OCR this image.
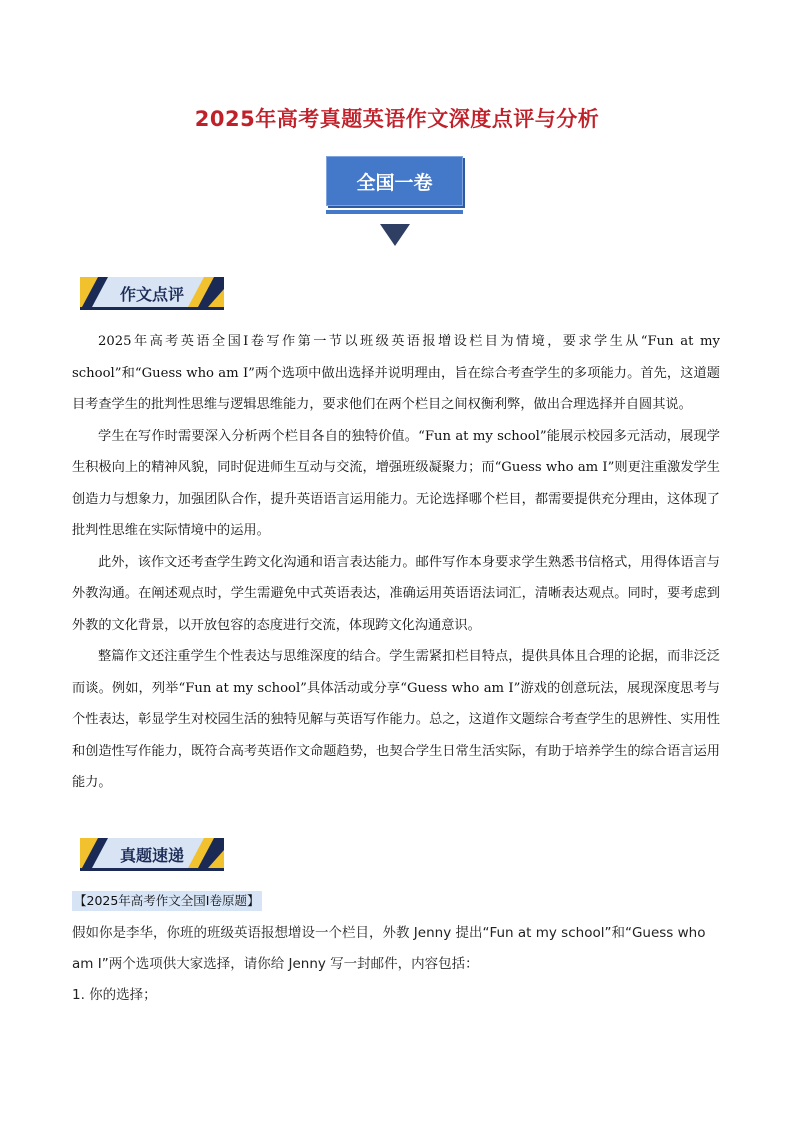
2025年高考真题英语作文深度点评与分析
全国一卷
作文点评

2025年高考英语全国Ⅰ卷写作第一节以班级英语报增设栏目为情境，要求学生从“Fun at my school”和“Guess who am I”两个选项中做出选择并说明理由，旨在综合考查学生的多项能力。首先，这道题目考查学生的批判性思维与逻辑思维能力，要求他们在两个栏目之间权衡利弊，做出合理选择并自圆其说。

学生在写作时需要深入分析两个栏目各自的独特价值。“Fun at my school”能展示校园多元活动，展现学生积极向上的精神风貌，同时促进师生互动与交流，增强班级凝聚力；而“Guess who am I”则更注重激发学生创造力与想象力，加强团队合作，提升英语语言运用能力。无论选择哪个栏目，都需要提供充分理由，这体现了批判性思维在实际情境中的运用。

此外，该作文还考查学生跨文化沟通和语言表达能力。邮件写作本身要求学生熟悉书信格式，用得体语言与外教沟通。在阐述观点时，学生需避免中式英语表达，准确运用英语语法词汇，清晰表达观点。同时，要考虑到外教的文化背景，以开放包容的态度进行交流，体现跨文化沟通意识。

整篇作文还注重学生个性表达与思维深度的结合。学生需紧扣栏目特点，提供具体且合理的论据，而非泛泛而谈。例如，列举“Fun at my school”具体活动或分享“Guess who am I”游戏的创意玩法，展现深度思考与个性表达，彰显学生对校园生活的独特见解与英语写作能力。总之，这道作文题综合考查学生的思辨性、实用性和创造性写作能力，既符合高考英语作文命题趋势，也契合学生日常生活实际，有助于培养学生的综合语言运用能力。

真题速递
【2025年高考作文全国Ⅰ卷原题】

假如你是李华，你班的班级英语报想增设一个栏目，外教 Jenny 提出“Fun at my school”和“Guess who am I”两个选项供大家选择，请你给 Jenny 写一封邮件，内容包括：

1. 你的选择；
